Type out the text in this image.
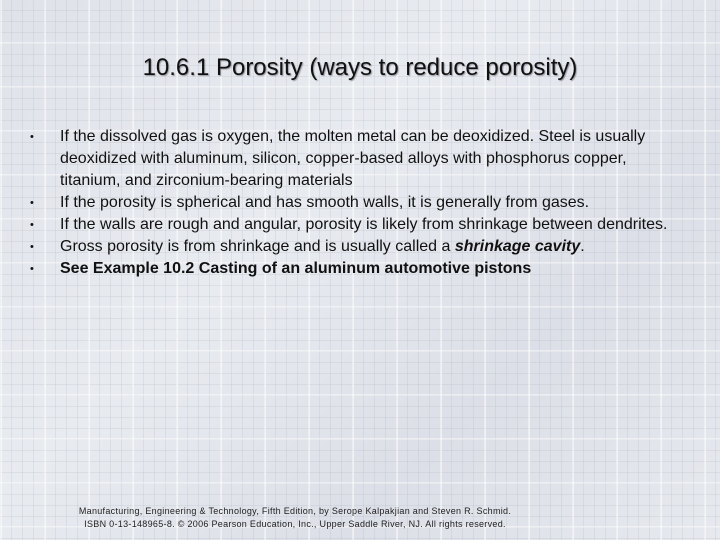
10.6.1 Porosity (ways to reduce porosity)
• If the dissolved gas is oxygen, the molten metal can be deoxidized. Steel is usually deoxidized with aluminum, silicon, copper-based alloys with phosphorus copper, titanium, and zirconium-bearing materials
• If the porosity is spherical and has smooth walls, it is generally from gases.
• If the walls are rough and angular, porosity is likely from shrinkage between dendrites.
• Gross porosity is from shrinkage and is usually called a shrinkage cavity.
• See Example 10.2 Casting of an aluminum automotive pistons
Manufacturing, Engineering & Technology, Fifth Edition, by Serope Kalpakjian and Steven R. Schmid.
ISBN 0-13-148965-8. © 2006 Pearson Education, Inc., Upper Saddle River, NJ. All rights reserved.
